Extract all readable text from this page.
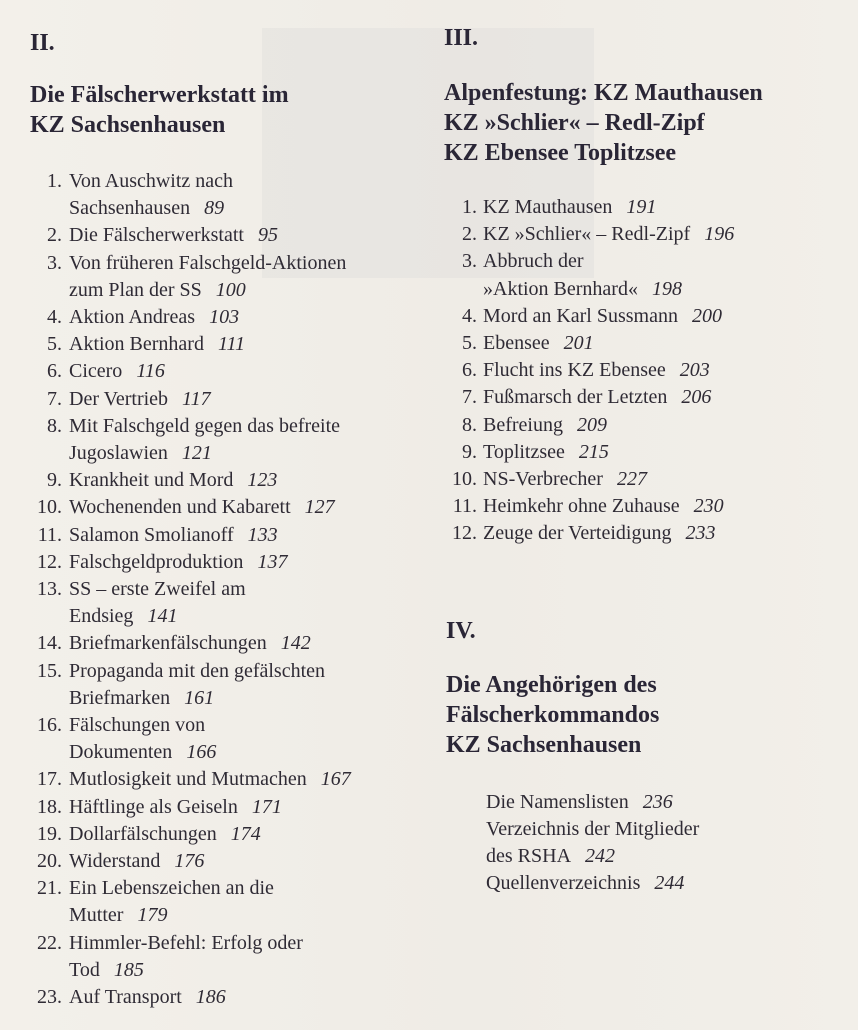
II.
Die Fälscherwerkstatt im
KZ Sachsenhausen
1. Von Auschwitz nach
Sachsenhausen 89
2. Die Fälscherwerkstatt 95
3. Von früheren Falschgeld-Aktionen
zum Plan der SS 100
4. Aktion Andreas 103
5. Aktion Bernhard 111
6. Cicero 116
7. Der Vertrieb 117
8. Mit Falschgeld gegen das befreite
Jugoslawien 121
9. Krankheit und Mord 123
10. Wochenenden und Kabarett 127
11. Salamon Smolianoff 133
12. Falschgeldproduktion 137
13. SS – erste Zweifel am
Endsieg 141
14. Briefmarkenfälschungen 142
15. Propaganda mit den gefälschten
Briefmarken 161
16. Fälschungen von
Dokumenten 166
17. Mutlosigkeit und Mutmachen 167
18. Häftlinge als Geiseln 171
19. Dollarfälschungen 174
20. Widerstand 176
21. Ein Lebenszeichen an die
Mutter 179
22. Himmler-Befehl: Erfolg oder
Tod 185
23. Auf Transport 186
III.
Alpenfestung: KZ Mauthausen
KZ »Schlier« – Redl-Zipf
KZ Ebensee Toplitzsee
1. KZ Mauthausen 191
2. KZ »Schlier« – Redl-Zipf 196
3. Abbruch der
»Aktion Bernhard« 198
4. Mord an Karl Sussmann 200
5. Ebensee 201
6. Flucht ins KZ Ebensee 203
7. Fußmarsch der Letzten 206
8. Befreiung 209
9. Toplitzsee 215
10. NS-Verbrecher 227
11. Heimkehr ohne Zuhause 230
12. Zeuge der Verteidigung 233
IV.
Die Angehörigen des
Fälscherkommandos
KZ Sachsenhausen
Die Namenslisten 236
Verzeichnis der Mitglieder
des RSHA 242
Quellenverzeichnis 244
